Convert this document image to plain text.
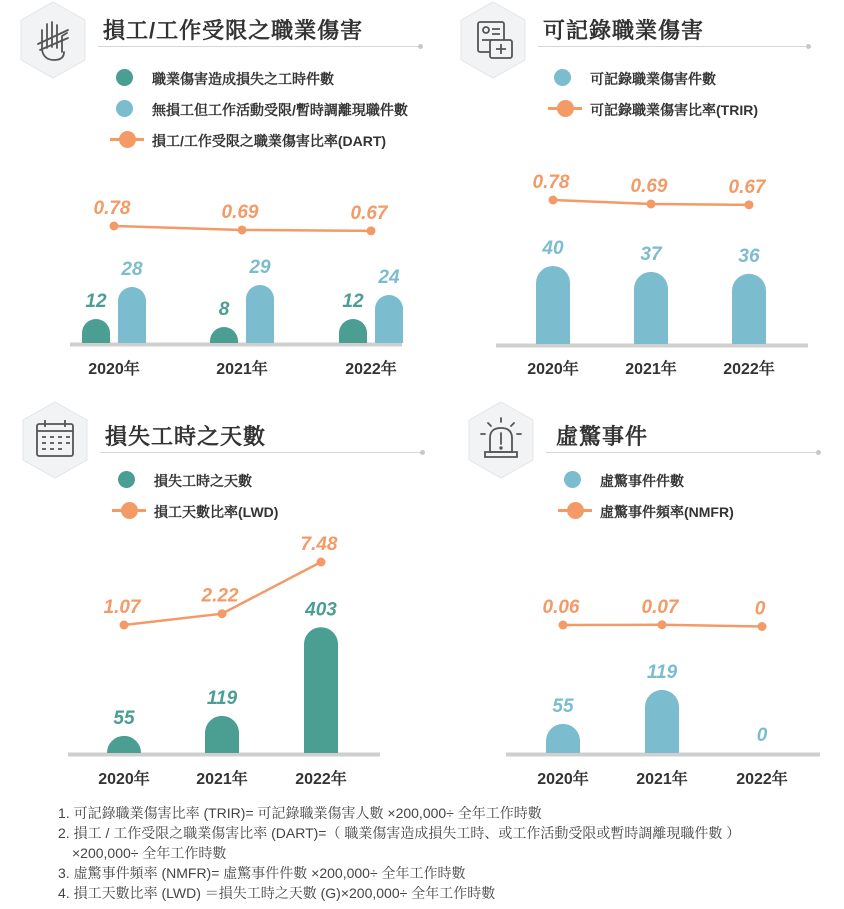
損工/工作受限之職業傷害
職業傷害造成損失之工時件數
無損工但工作活動受限/暫時調離現職件數
損工/工作受限之職業傷害比率(DART)
12
28
2020年
8
29
2021年
12
24
2022年
0.78	0.69	0.67
可記錄職業傷害
可記錄職業傷害件數
可記錄職業傷害比率(TRIR)
40
2020年
37
2021年
36
2022年
0.78	0.69	0.67
損失工時之天數
損失工時之天數
損工天數比率(LWD)
55
2020年
119
2021年
403
2022年
1.07
2.22
7.48
虛驚事件
虛驚事件件數
虛驚事件頻率(NMFR)
55
2020年
119
2021年
0
2022年
0.06	0.07	0
1. 可記錄職業傷害比率 (TRIR)= 可記錄職業傷害人數 ×200,000÷ 全年工作時數
2. 損工 / 工作受限之職業傷害比率 (DART)=（ 職業傷害造成損失工時、或工作活動受限或暫時調離現職件數 ）
　×200,000÷ 全年工作時數
3. 虛驚事件頻率 (NMFR)= 虛驚事件件數 ×200,000÷ 全年工作時數
4. 損工天數比率 (LWD) ＝損失工時之天數 (G)×200,000÷ 全年工作時數
